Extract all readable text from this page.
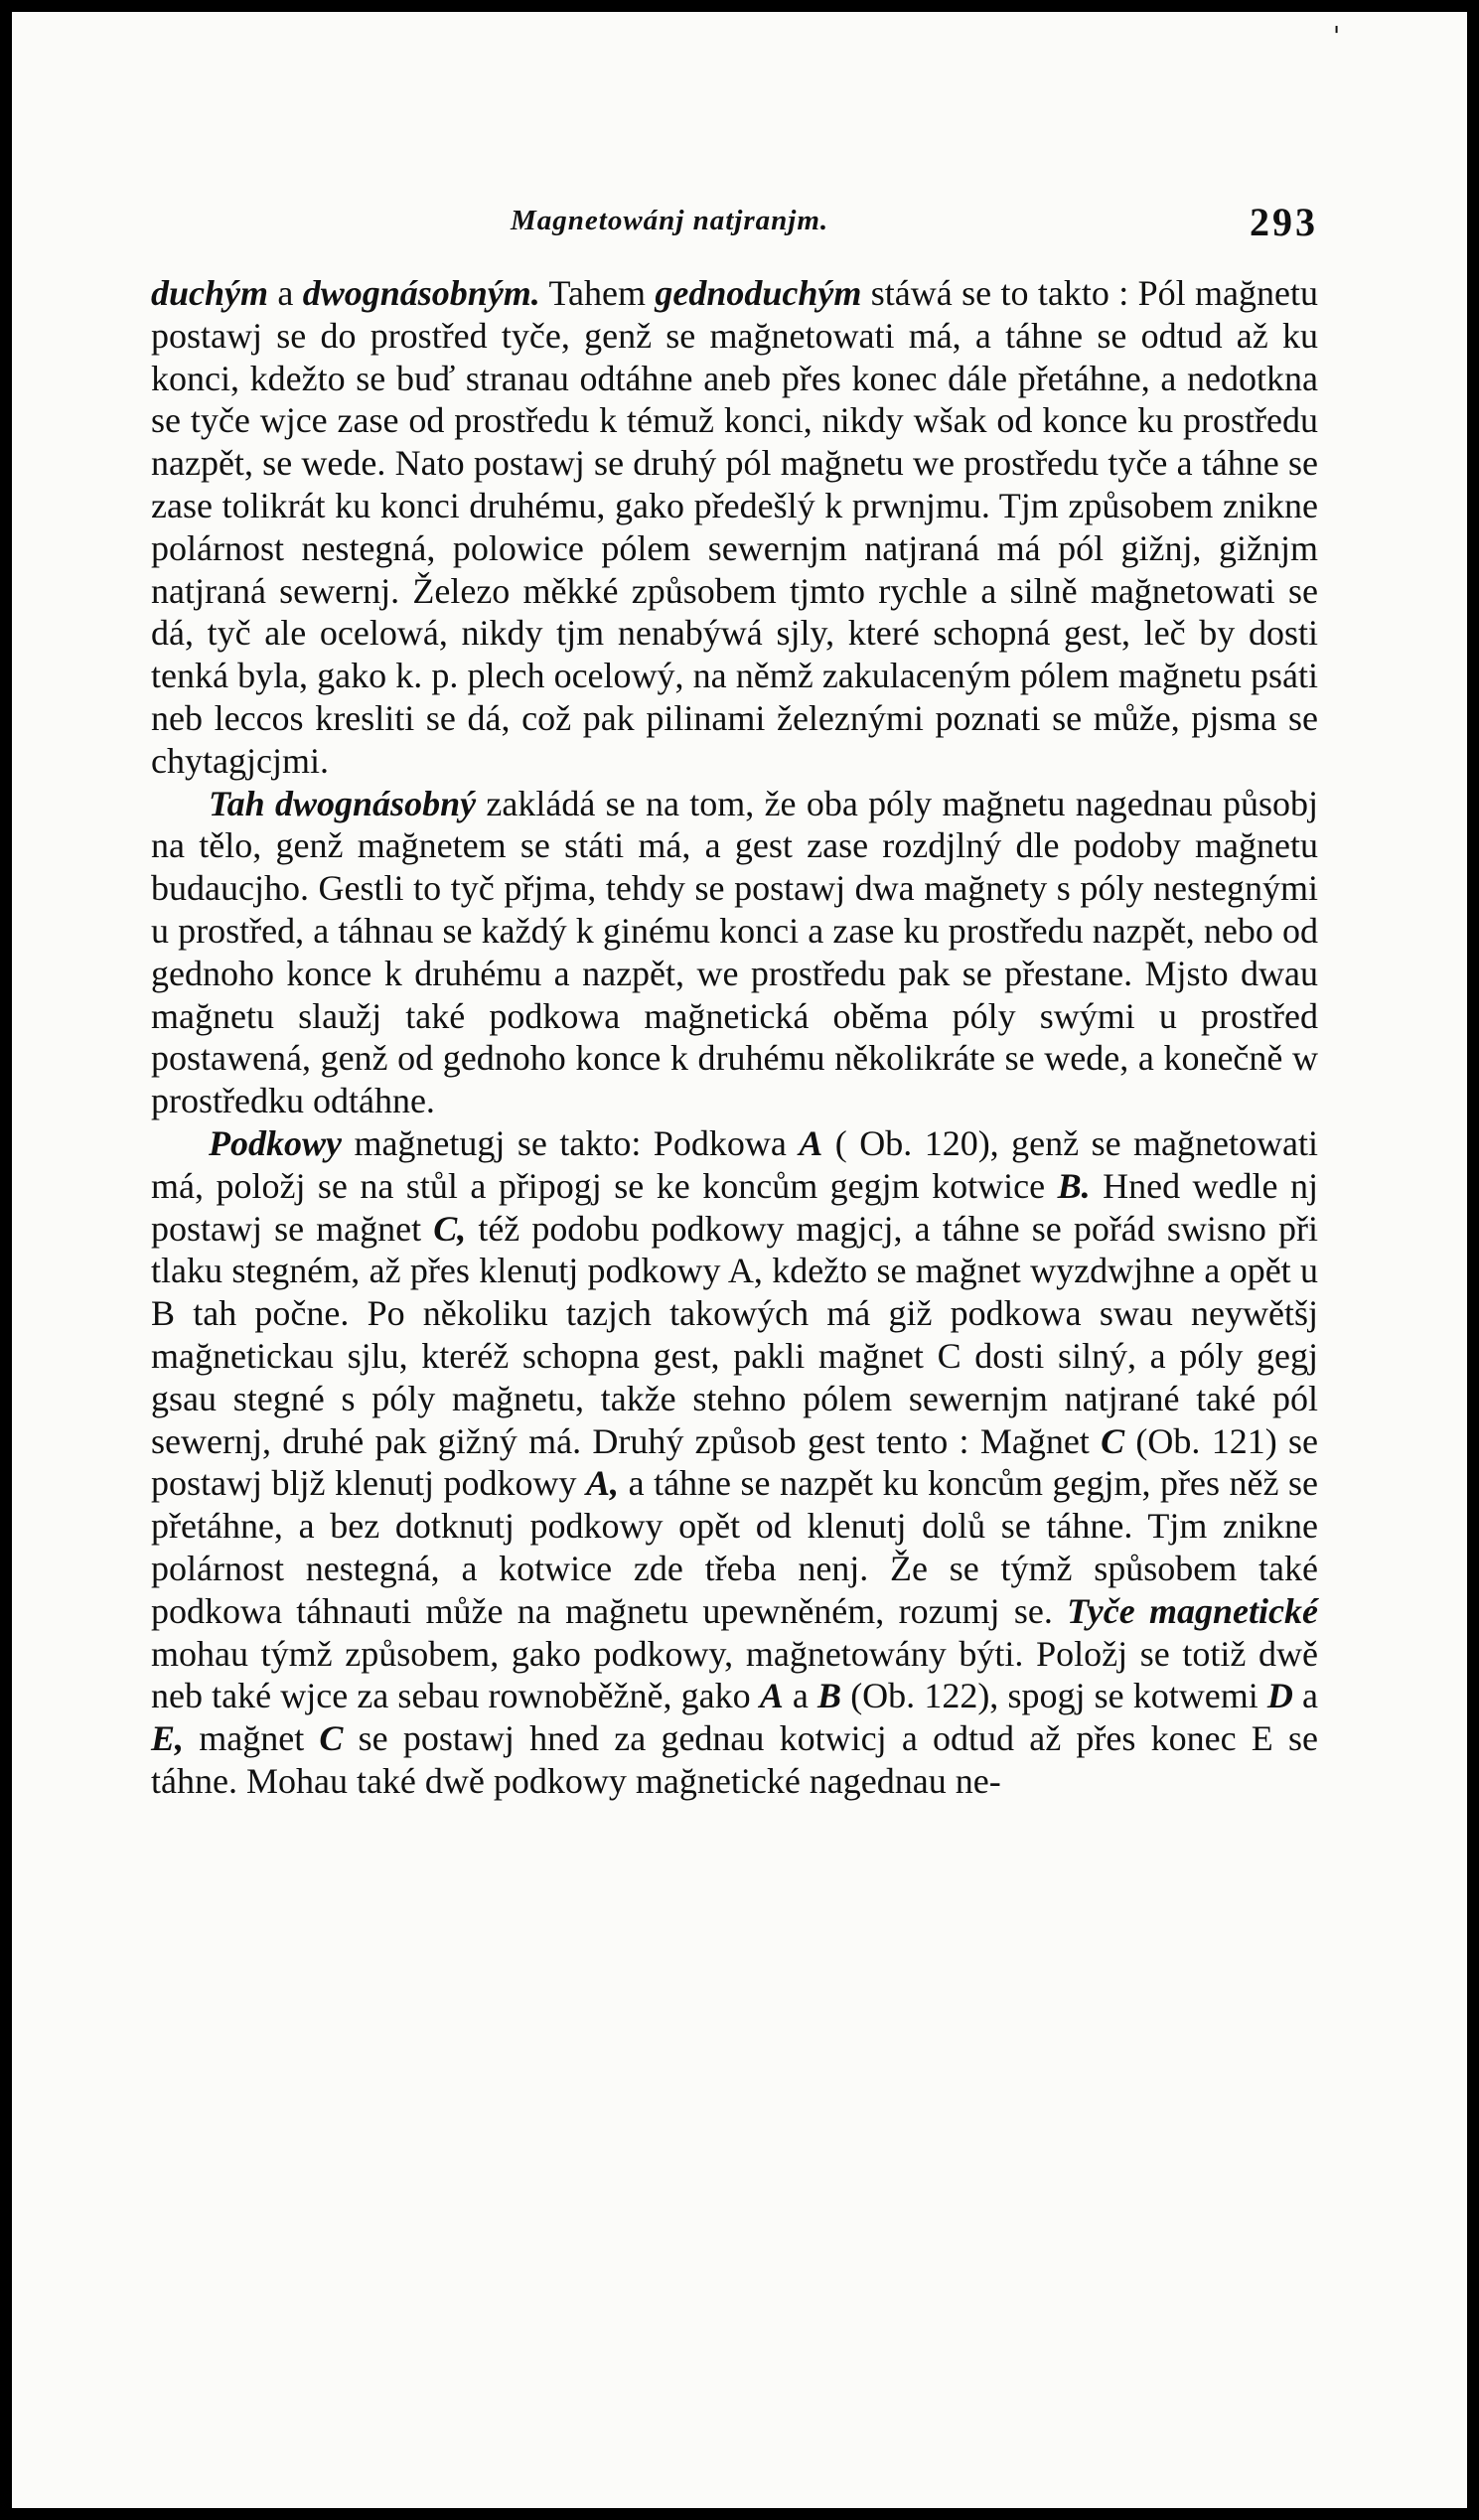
'
Magnetowánj natjranjm.	293

duchým a dwognásobným. Tahem gednoduchým stáwá se to takto : Pól mağnetu postawj se do prostřed tyče, genž se mağnetowati má, a táhne se odtud až ku konci, kdežto se buď stranau odtáhne aneb přes konec dále přetáhne, a nedotkna se tyče wjce zase od prostředu k témuž konci, nikdy wšak od konce ku prostředu nazpět, se wede. Nato postawj se druhý pól mağnetu we prostředu tyče a táhne se zase tolikrát ku konci druhému, gako předešlý k prwnjmu. Tjm způsobem znikne polárnost nestegná, polowice pólem sewernjm natjraná má pól gižnj, gižnjm natjraná sewernj. Železo měkké způsobem tjmto rychle a silně mağnetowati se dá, tyč ale ocelowá, nikdy tjm nenabýwá sjly, které schopná gest, leč by dosti tenká byla, gako k. p. plech ocelowý, na němž zakulaceným pólem mağnetu psáti neb leccos kresliti se dá, což pak pilinami železnými poznati se může, pjsma se chytagjcjmi.

Tah dwognásobný zakládá se na tom, že oba póly mağnetu nagednau působj na tělo, genž mağnetem se státi má, a gest zase rozdjlný dle podoby mağnetu budaucjho. Gestli to tyč přjma, tehdy se postawj dwa mağnety s póly nestegnými u prostřed, a táhnau se každý k ginému konci a zase ku prostředu nazpět, nebo od gednoho konce k druhému a nazpět, we prostředu pak se přestane. Mjsto dwau mağnetu slaužj také podkowa mağnetická oběma póly swými u prostřed postawená, genž od gednoho konce k druhému několikráte se wede, a konečně w prostředku odtáhne.

Podkowy mağnetugj se takto: Podkowa A ( Ob. 120), genž se mağnetowati má, položj se na stůl a připogj se ke koncům gegjm kotwice B. Hned wedle nj postawj se mağnet C, též podobu podkowy magjcj, a táhne se pořád swisno při tlaku stegném, až přes klenutj podkowy A, kdežto se mağnet wyzdwjhne a opět u B tah počne. Po několiku tazjch takowých má giž podkowa swau neywětšj mağnetickau sjlu, kteréž schopna gest, pakli mağnet C dosti silný, a póly gegj gsau stegné s póly mağnetu, takže stehno pólem sewernjm natjrané také pól sewernj, druhé pak gižný má. Druhý způsob gest tento : Mağnet C (Ob. 121) se postawj bljž klenutj podkowy A, a táhne se nazpět ku koncům gegjm, přes něž se přetáhne, a bez dotknutj podkowy opět od klenutj dolů se táhne. Tjm znikne polárnost nestegná, a kotwice zde třeba nenj. Že se týmž spůsobem také podkowa táhnauti může na mağnetu upewněném, rozumj se. Tyče magnetické mohau týmž způsobem, gako podkowy, mağnetowány býti. Položj se totiž dwě neb také wjce za sebau rownoběžně, gako A a B (Ob. 122), spogj se kotwemi D a E, mağnet C se postawj hned za gednau kotwicj a odtud až přes konec E se táhne. Mohau také dwě podkowy mağnetické nagednau ne-
